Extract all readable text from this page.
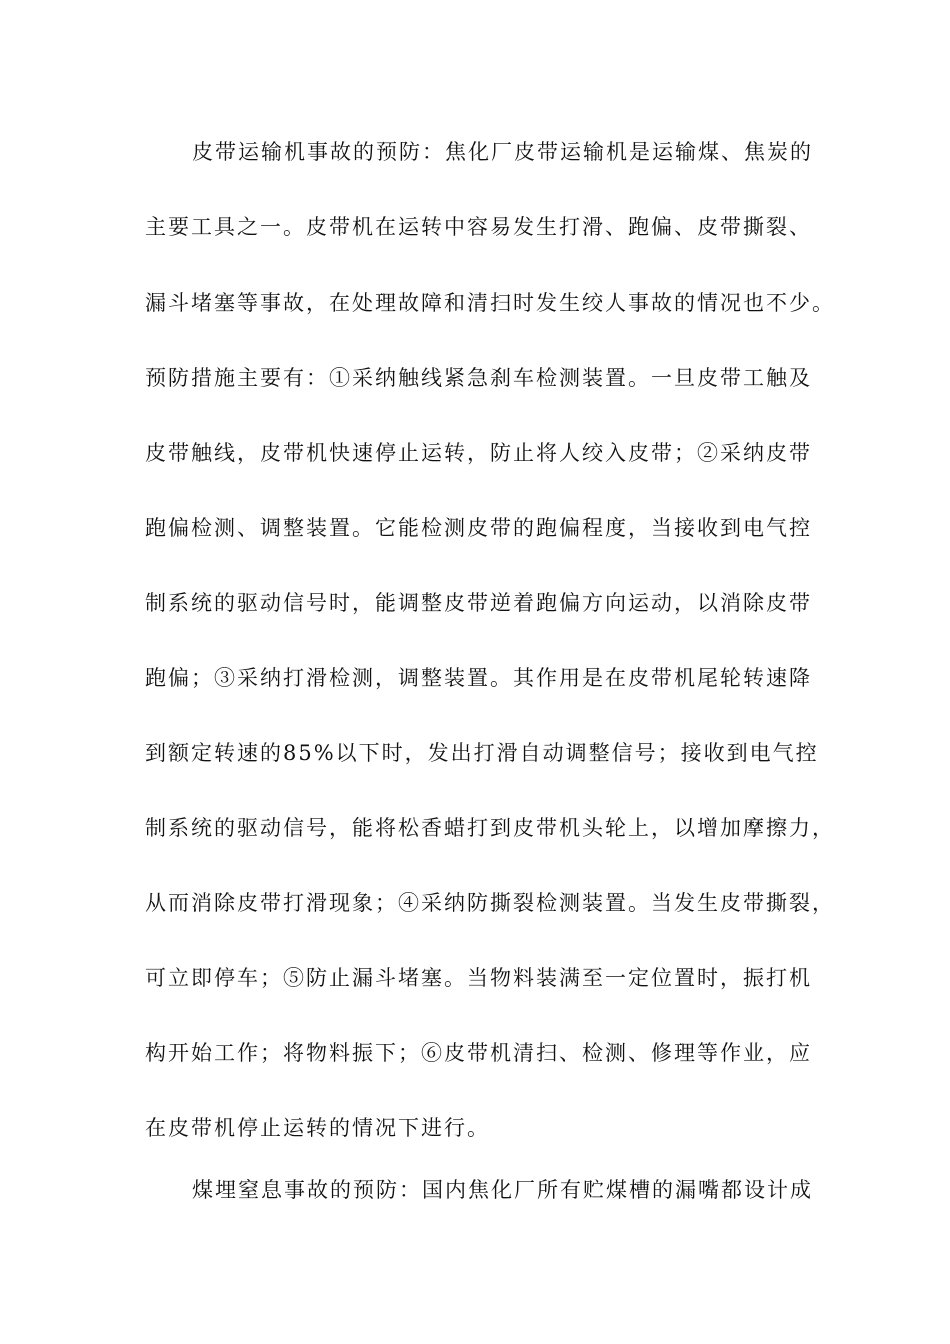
皮带运输机事故的预防：焦化厂皮带运输机是运输煤、焦炭的
主要工具之一。皮带机在运转中容易发生打滑、跑偏、皮带撕裂、
漏斗堵塞等事故，在处理故障和清扫时发生绞人事故的情况也不少。
预防措施主要有：①采纳触线紧急刹车检测装置。一旦皮带工触及
皮带触线，皮带机快速停止运转，防止将人绞入皮带；②采纳皮带
跑偏检测、调整装置。它能检测皮带的跑偏程度，当接收到电气控
制系统的驱动信号时，能调整皮带逆着跑偏方向运动，以消除皮带
跑偏；③采纳打滑检测，调整装置。其作用是在皮带机尾轮转速降
到额定转速的85%以下时，发出打滑自动调整信号；接收到电气控
制系统的驱动信号，能将松香蜡打到皮带机头轮上，以增加摩擦力，
从而消除皮带打滑现象；④采纳防撕裂检测装置。当发生皮带撕裂，
可立即停车；⑤防止漏斗堵塞。当物料装满至一定位置时，振打机
构开始工作；将物料振下；⑥皮带机清扫、检测、修理等作业，应
在皮带机停止运转的情况下进行。
煤埋窒息事故的预防：国内焦化厂所有贮煤槽的漏嘴都设计成
